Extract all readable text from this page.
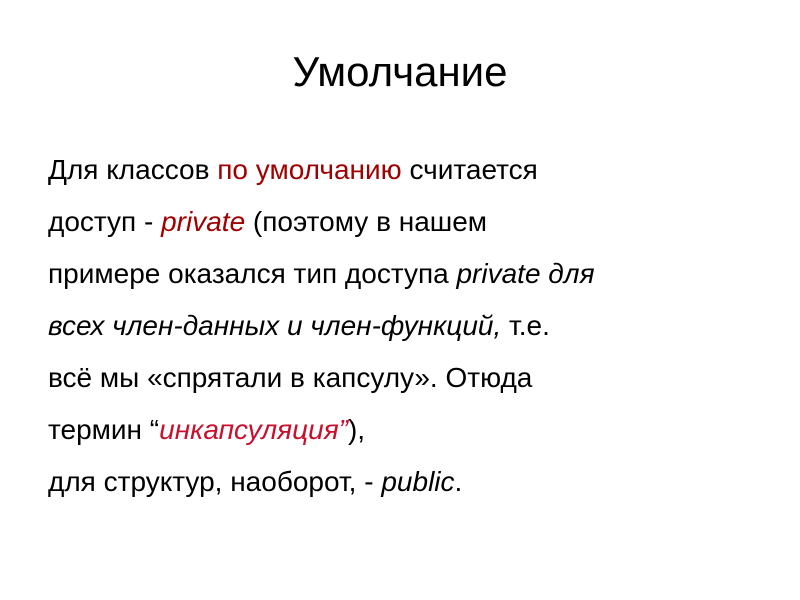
Умолчание
Для классов по умолчанию считается
доступ - private (поэтому в нашем
примере оказался тип доступа private для
всех член-данных и член-функций, т.е.
всё мы «спрятали в капсулу». Отюда
термин “инкапсуляция”),
для структур, наоборот, - public.
